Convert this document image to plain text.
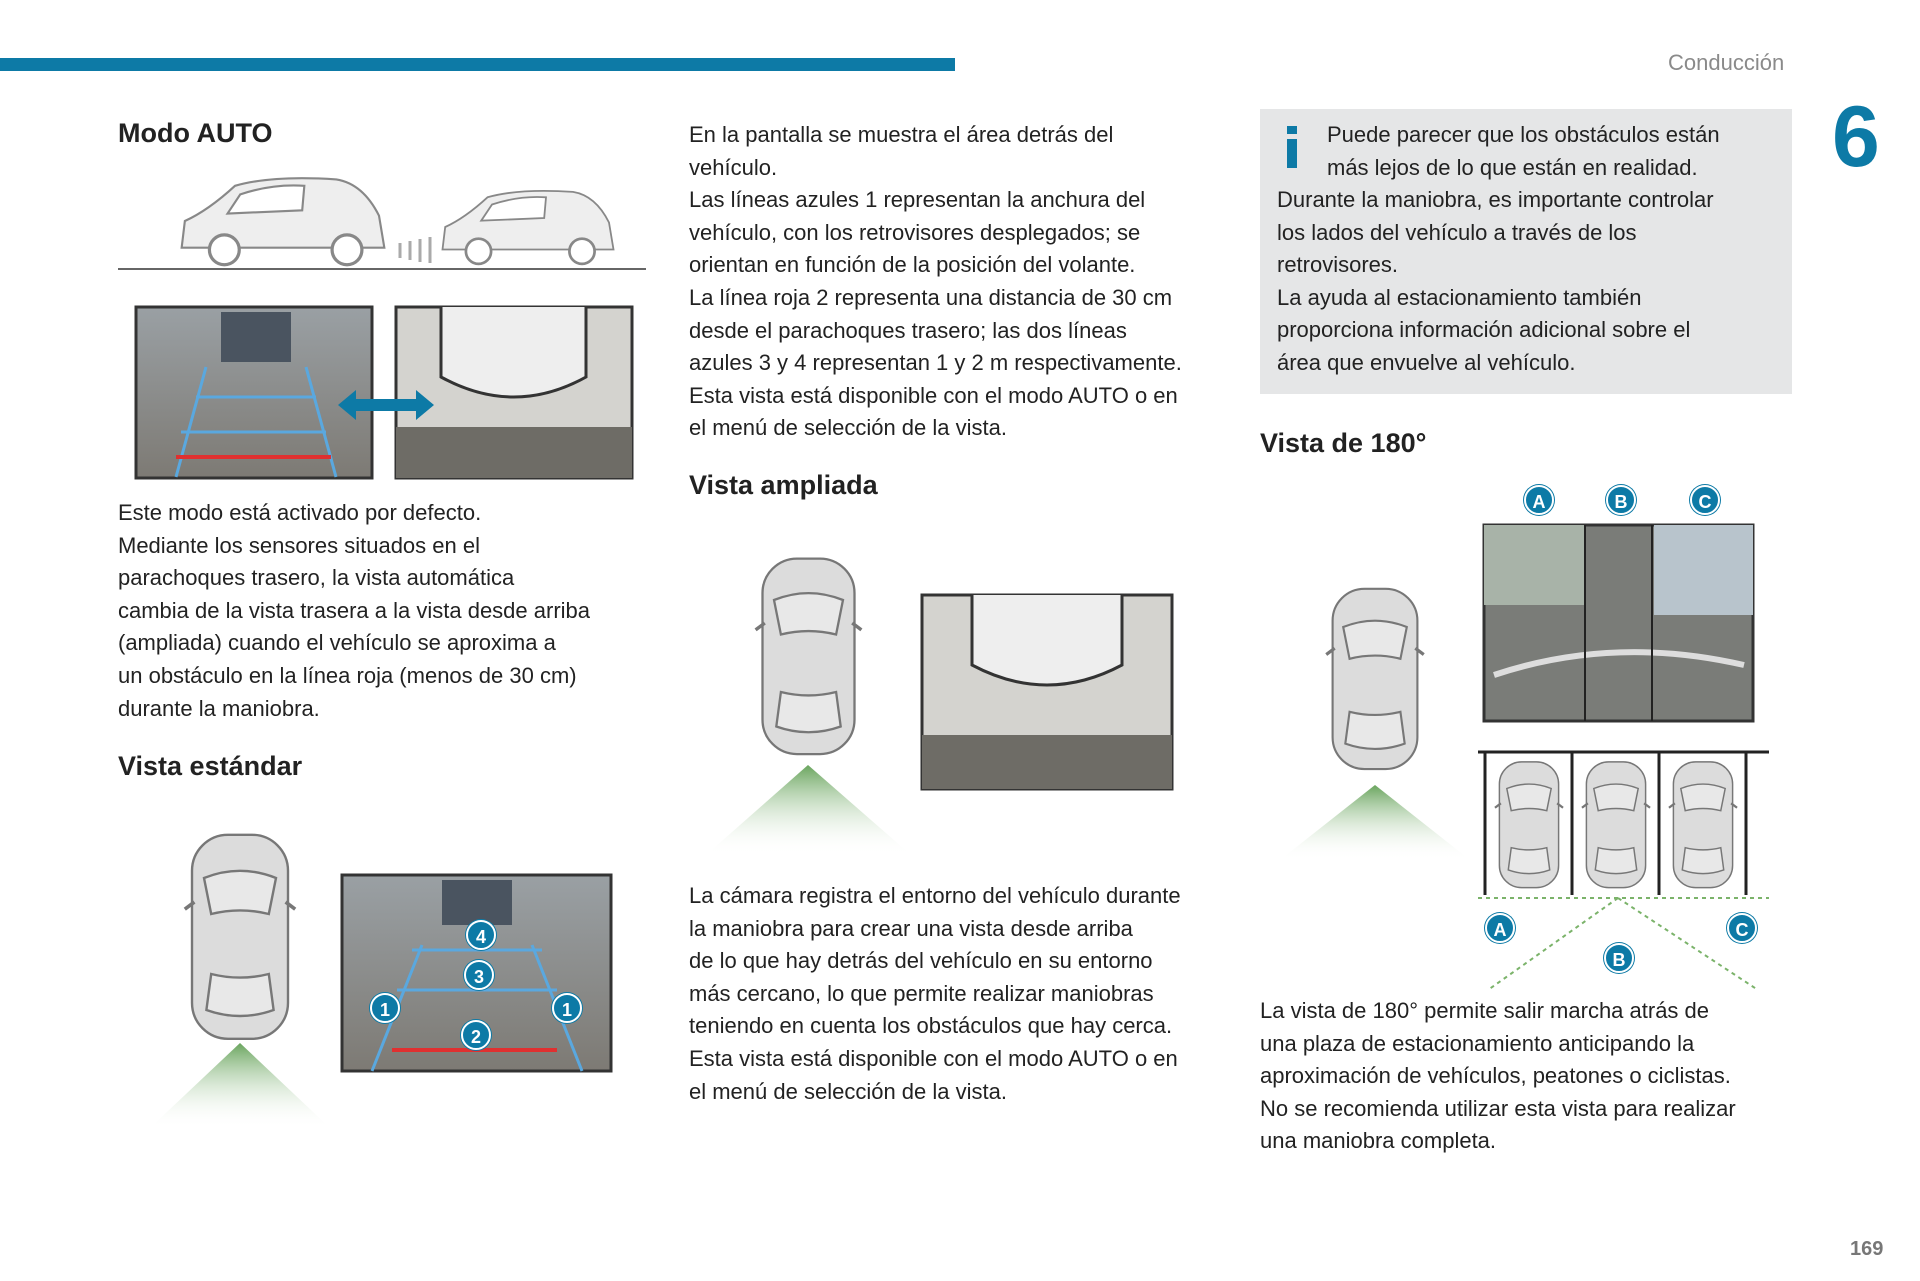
Conducción
6
Modo AUTO
Este modo está activado por defecto.
Mediante los sensores situados en el
parachoques trasero, la vista automática
cambia de la vista trasera a la vista desde arriba
(ampliada) cuando el vehículo se aproxima a
un obstáculo en la línea roja (menos de 30 cm)
durante la maniobra.
Vista estándar
4
3
1	1
2
En la pantalla se muestra el área detrás del
vehículo.
Las líneas azules 1 representan la anchura del
vehículo, con los retrovisores desplegados; se
orientan en función de la posición del volante.
La línea roja 2 representa una distancia de 30 cm
desde el parachoques trasero; las dos líneas
azules 3 y 4 representan 1 y 2 m respectivamente.
Esta vista está disponible con el modo AUTO o en
el menú de selección de la vista.
Vista ampliada
La cámara registra el entorno del vehículo durante
la maniobra para crear una vista desde arriba
de lo que hay detrás del vehículo en su entorno
más cercano, lo que permite realizar maniobras
teniendo en cuenta los obstáculos que hay cerca.
Esta vista está disponible con el modo AUTO o en
el menú de selección de la vista.
Puede parecer que los obstáculos están
más lejos de lo que están en realidad.
Durante la maniobra, es importante controlar
los lados del vehículo a través de los
retrovisores.
La ayuda al estacionamiento también
proporciona información adicional sobre el
área que envuelve al vehículo.
Vista de 180°
A	B	C
A
B
C
La vista de 180° permite salir marcha atrás de
una plaza de estacionamiento anticipando la
aproximación de vehículos, peatones o ciclistas.
No se recomienda utilizar esta vista para realizar
una maniobra completa.
169
